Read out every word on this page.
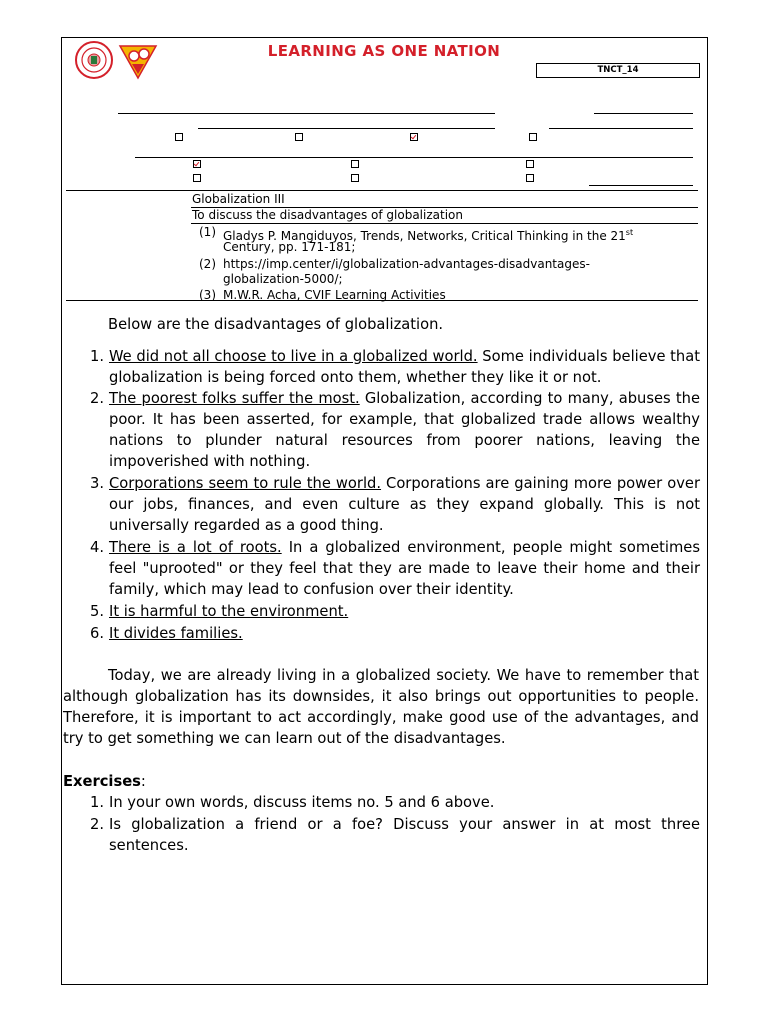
LEARNING AS ONE NATION
TNCT_14
Globalization III
To discuss the disadvantages of globalization
(1) Gladys P. Mangiduyos, Trends, Networks, Critical Thinking in the 21st
Century, pp. 171-181;
(2) https://imp.center/i/globalization-advantages-disadvantages-
globalization-5000/;
(3) M.W.R. Acha, CVIF Learning Activities
Below are the disadvantages of globalization.
1. We did not all choose to live in a globalized world. Some individuals believe that globalization is being forced onto them, whether they like it or not.
2. The poorest folks suffer the most. Globalization, according to many, abuses the poor. It has been asserted, for example, that globalized trade allows wealthy nations to plunder natural resources from poorer nations, leaving the impoverished with nothing.
3. Corporations seem to rule the world. Corporations are gaining more power over our jobs, finances, and even culture as they expand globally. This is not universally regarded as a good thing.
4. There is a lot of roots. In a globalized environment, people might sometimes feel "uprooted" or they feel that they are made to leave their home and their family, which may lead to confusion over their identity.
5. It is harmful to the environment.
6. It divides families.
Today, we are already living in a globalized society. We have to remember that although globalization has its downsides, it also brings out opportunities to people. Therefore, it is important to act accordingly, make good use of the advantages, and try to get something we can learn out of the disadvantages.
Exercises:
1. In your own words, discuss items no. 5 and 6 above.
2. Is globalization a friend or a foe? Discuss your answer in at most three sentences.
